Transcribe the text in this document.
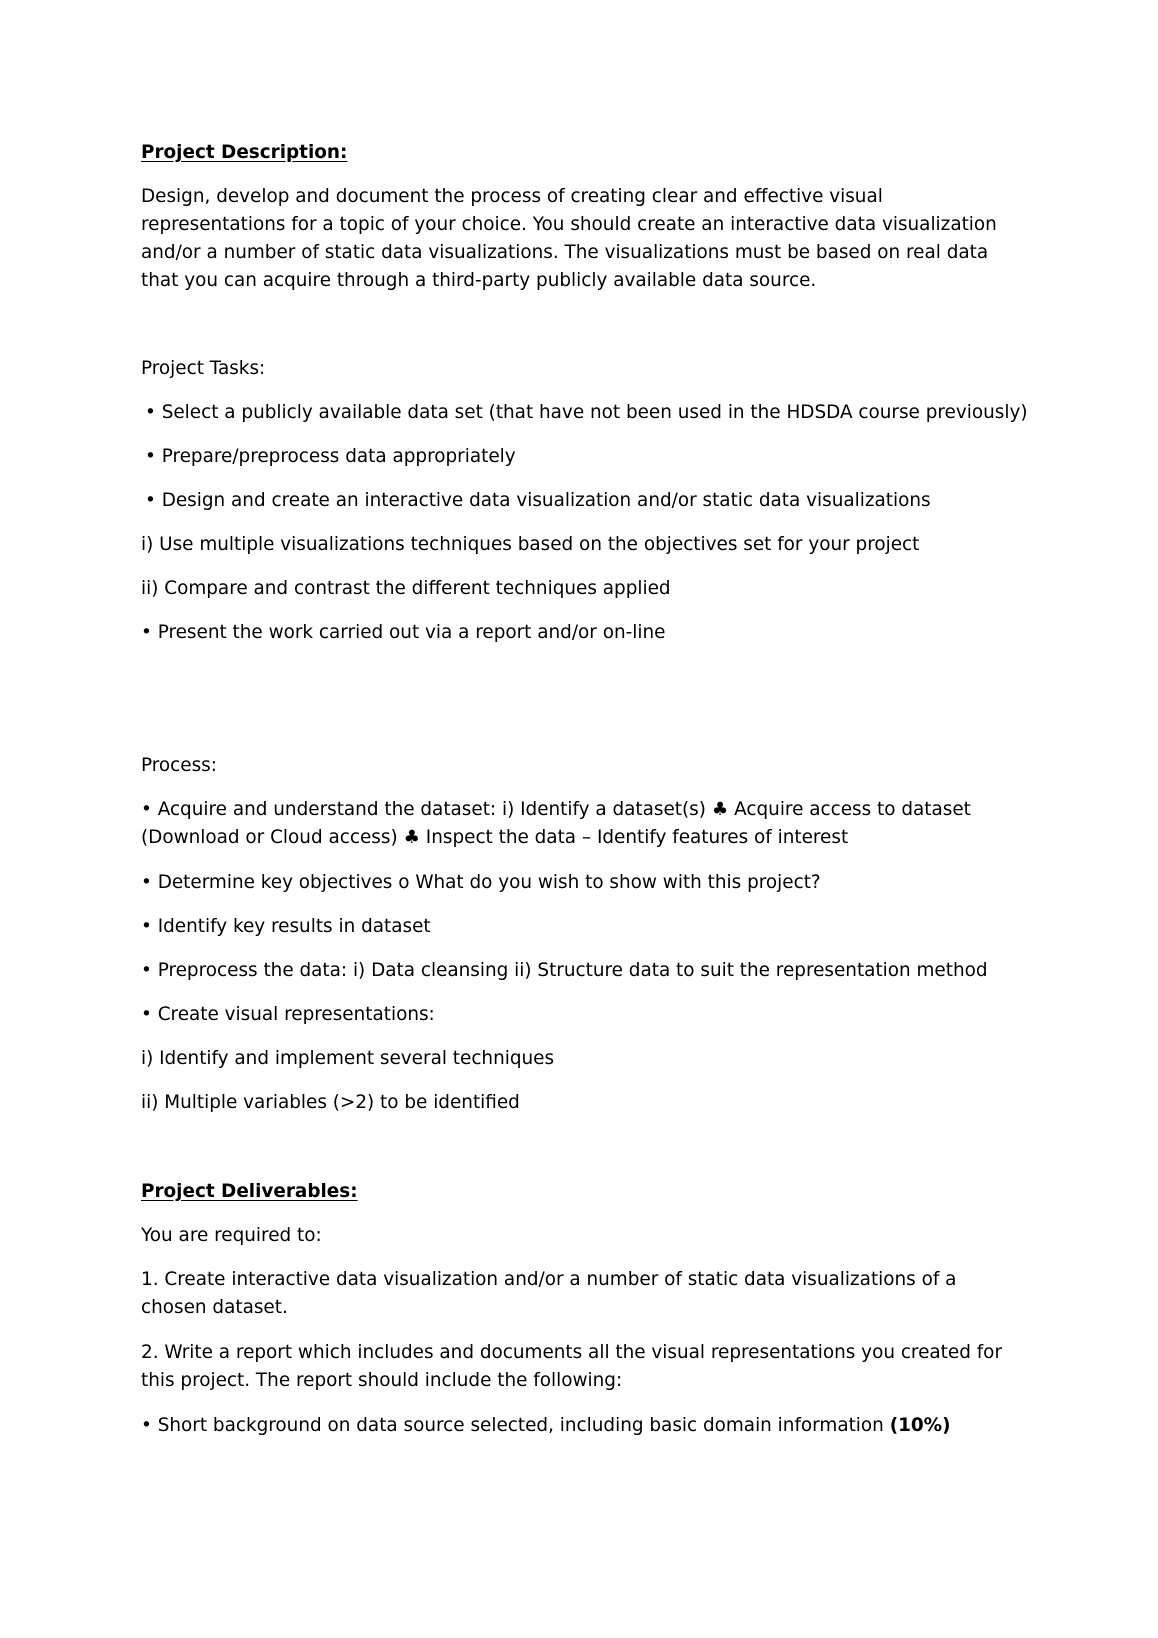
Project Description:

Design, develop and document the process of creating clear and effective visual representations for a topic of your choice. You should create an interactive data visualization and/or a number of static data visualizations. The visualizations must be based on real data that you can acquire through a third-party publicly available data source.

Project Tasks:

• Select a publicly available data set (that have not been used in the HDSDA course previously)

• Prepare/preprocess data appropriately

• Design and create an interactive data visualization and/or static data visualizations

i) Use multiple visualizations techniques based on the objectives set for your project

ii) Compare and contrast the different techniques applied

• Present the work carried out via a report and/or on-line

Process:

• Acquire and understand the dataset: i) Identify a dataset(s) ♣ Acquire access to dataset (Download or Cloud access) ♣ Inspect the data – Identify features of interest

• Determine key objectives o What do you wish to show with this project?

• Identify key results in dataset

• Preprocess the data: i) Data cleansing ii) Structure data to suit the representation method

• Create visual representations:

i) Identify and implement several techniques

ii) Multiple variables (>2) to be identified

Project Deliverables:

You are required to:

1. Create interactive data visualization and/or a number of static data visualizations of a chosen dataset.

2. Write a report which includes and documents all the visual representations you created for this project. The report should include the following:

• Short background on data source selected, including basic domain information (10%)
